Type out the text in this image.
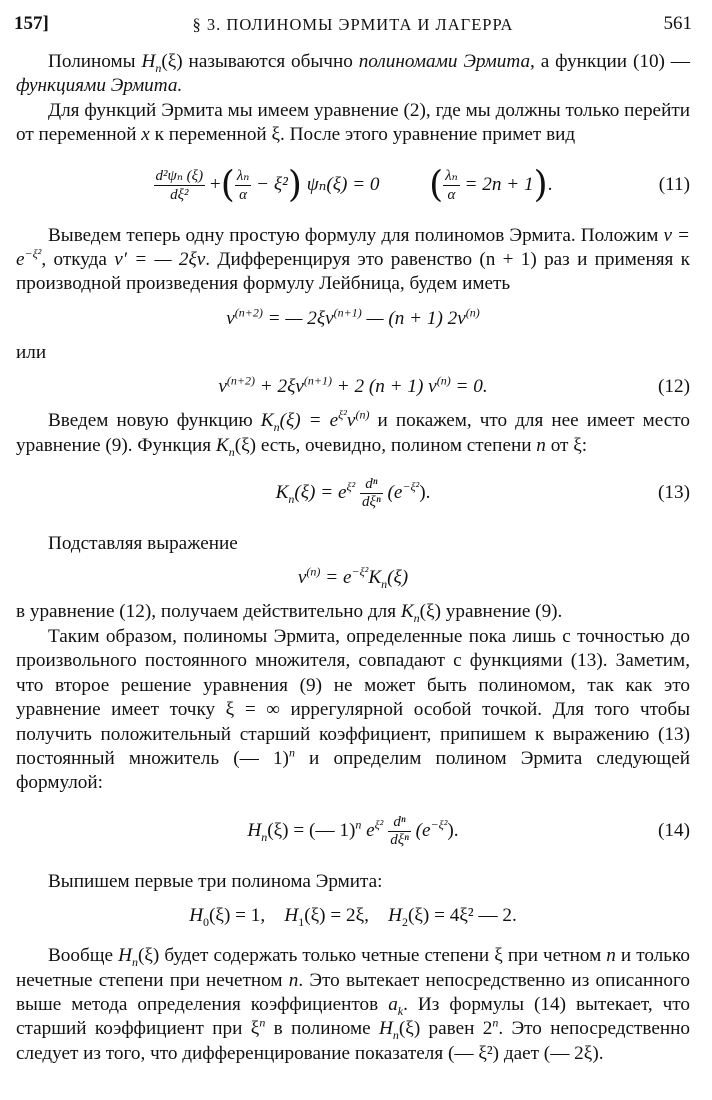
157]	§ 3. ПОЛИНОМЫ ЭРМИТА И ЛАГЕРРА	561

Полиномы $H_n(\xi)$ называются обычно полиномами Эрмита, а функции (10) — функциями Эрмита.

Для функций Эрмита мы имеем уравнение (2), где мы должны только перейти от переменной x к переменной ξ. После этого уравнение примет вид

$\frac{\text{d²ψₙ (ξ)}}{\text{dξ²}}$ +( $\frac{\text{λₙ}}{\alpha} - \xi^2$) ψₙ(ξ) = 0 ( $\frac{\text{λₙ}}{\alpha} = 2n + 1$).	(11)

Выведем теперь одну простую формулу для полиномов Эрмита. Положим $v = e^{-\xi^2}$, откуда v′ = — 2ξv. Дифференцируя это равенство (n + 1) раз и применяя к производной произведения формулу Лейбница, будем иметь

$v^{(n+2)}$ = — $2\xi v^{(n+1)}$ — (n + 1) $2v^{(n)}$

или

$v^{(n+2)} + 2\xi v^{(n+1)} + 2$ (n + 1) $v^{(n)} = 0$.	(12)

Введем новую функцию $K_n(\xi) = e^{\xi^2}v^{(n)}$ и покажем, что для нее имеет место уравнение (9). Функция $K_n(\xi)$ есть, очевидно, полином степени n от ξ:

$K_n(\xi) = e^{\xi^2} \frac{\text{dⁿ}}{\text{dξⁿ}} (e^{-\xi^2})$.	(13)

Подставляя выражение

$v^{(n)} = e^{-\xi^2}K_n(\xi)$

в уравнение (12), получаем действительно для $K_n(\xi)$ уравнение (9).

Таким образом, полиномы Эрмита, определенные пока лишь с точностью до произвольного постоянного множителя, совпадают с функциями (13). Заметим, что второе решение уравнения (9) не может быть полиномом, так как это уравнение имеет точку ξ = ∞ иррегулярной особой точкой. Для того чтобы получить положительный старший коэффициент, припишем к выражению (13) постоянный множитель (— 1)$^n$ и определим полином Эрмита следующей формулой:

$H_n(\xi)$ = (— 1)$^n$ $e^{\xi^2} \frac{\text{dⁿ}}{\text{dξⁿ}} (e^{-\xi^2})$.	(14)

Выпишем первые три полинома Эрмита:

$H_0(\xi) = 1$, $H_1(\xi) = 2\xi$, $H_2(\xi) = 4\xi^2$ — 2.

Вообще $H_n(\xi)$ будет содержать только четные степени ξ при четном n и только нечетные степени при нечетном n. Это вытекает непосредственно из описанного выше метода определения коэффициентов $a_k$. Из формулы (14) вытекает, что старший коэффициент при $\xi^n$ в полиноме $H_n(\xi)$ равен 2$^n$. Это непосредственно следует из того, что дифференцирование показателя (— ξ²) дает (— 2ξ).
